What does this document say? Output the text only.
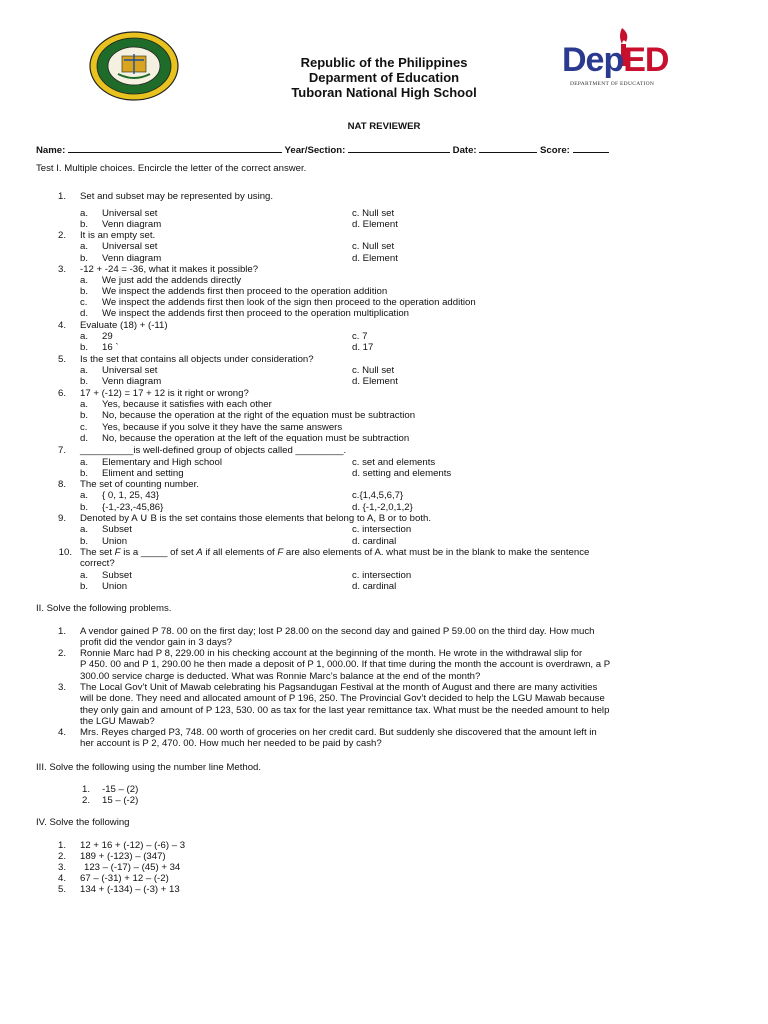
Republic of the Philippines
Deparment of Education
Tuboran National High School
DepED
DEPARTMENT OF EDUCATION
NAT REVIEWER
Name:	Year/Section:	Date:	Score:
Test I. Multiple choices. Encircle the letter of the correct answer.
1. Set and subset may be represented by using.
a. Universal set	c. Null set
b. Venn diagram	d. Element
2. It is an empty set.
a. Universal set	c. Null set
b. Venn diagram	d. Element
3. -12 + -24 = -36, what it makes it possible?
a. We just add the addends directly
b. We inspect the addends first then proceed to the operation addition
c. We inspect the addends first then look of the sign then proceed to the operation addition
d. We inspect the addends first then proceed to the operation multiplication
4. Evaluate (18) + (-11)
a. 29	c. 7
b. 16 `	d. 17
5. Is the set that contains all objects under consideration?
a. Universal set	c. Null set
b. Venn diagram	d. Element
6. 17 + (-12) = 17 + 12 is it right or wrong?
a. Yes, because it satisfies with each other
b. No, because the operation at the right of the equation must be subtraction
c. Yes, because if you solve it they have the same answers
d. No, because the operation at the left of the equation must be subtraction
7. __________is well-defined group of objects called _________.
a. Elementary and High school	c. set and elements
b. Eliment and setting	d. setting and elements
8. The set of counting number.
a. { 0, 1, 25, 43}	c.{1,4,5,6,7}
b. {-1,-23,-45,86}	d. {-1,-2,0,1,2}
9. Denoted by A ∪ B is the set contains those elements that belong to A, B or to both.
a. Subset	c. intersection
b. Union	d. cardinal
10. The set F is a _____ of set A if all elements of F are also elements of A. what must be in the blank to make the sentence
correct?
a. Subset	c. intersection
b. Union	d. cardinal
II. Solve the following problems.
1. A vendor gained P 78. 00 on the first day; lost P 28.00 on the second day and gained P 59.00 on the third day. How much
profit did the vendor gain in 3 days?
2. Ronnie Marc had P 8, 229.00 in his checking account at the beginning of the month. He wrote in the withdrawal slip for
P 450. 00 and P 1, 290.00 he then made a deposit of P 1, 000.00. If that time during the month the account is overdrawn, a P
300.00 service charge is deducted. What was Ronnie Marc’s balance at the end of the month?
3. The Local Gov’t Unit of Mawab celebrating his Pagsandugan Festival at the month of August and there are many activities
will be done. They need and allocated amount of P 196, 250. The Provincial Gov’t decided to help the LGU Mawab because
they only gain and amount of P 123, 530. 00 as tax for the last year remittance tax. What must be the needed amount to help
the LGU Mawab?
4. Mrs. Reyes charged P3, 748. 00 worth of groceries on her credit card. But suddenly she discovered that the amount left in
her account is P 2, 470. 00. How much her needed to be paid by cash?
III. Solve the following using the number line Method.
1. -15 – (2)
2. 15 – (-2)
IV. Solve the following
1. 12 + 16 + (-12) – (-6) – 3
2. 189 + (-123) – (347)
3. 123 – (-17) – (45) + 34
4. 67 – (-31) + 12 – (-2)
5. 134 + (-134) – (-3) + 13
